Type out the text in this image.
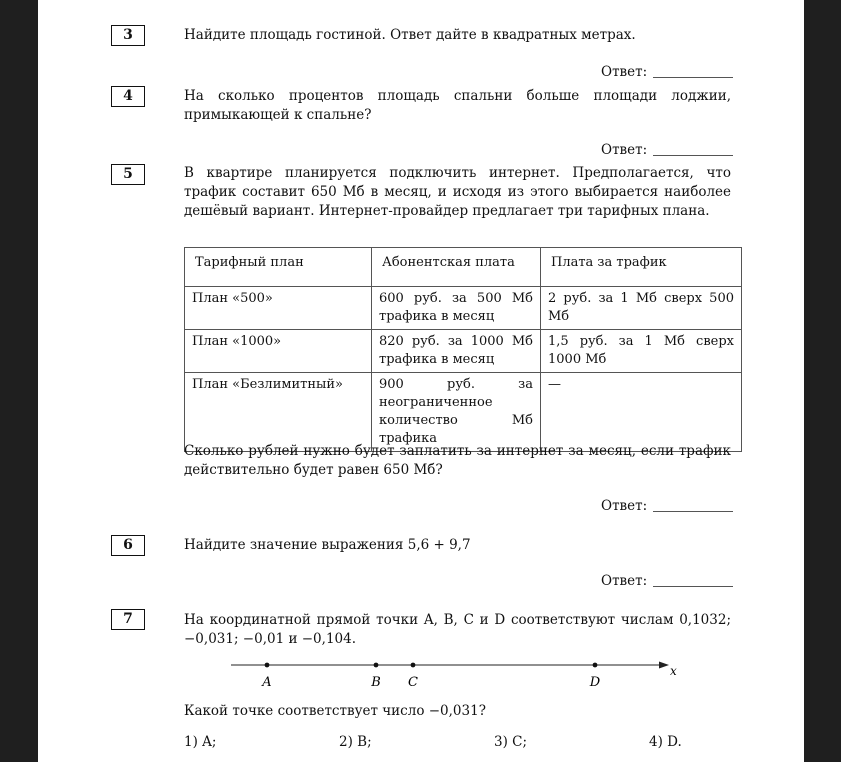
3	Найдите площадь гостиной. Ответ дайте в квадратных метрах.
Ответ:
4	На сколько процентов площадь спальни больше площади лоджии, примыкающей к спальне?
Ответ:
5	В квартире планируется подключить интернет. Предполагается, что трафик составит 650 Мб в месяц, и исходя из этого выбирается наиболее дешёвый вариант. Интернет-провайдер предлагает три тарифных плана.
Тарифный план	Абонентская плата	Плата за трафик
План «500»	600 руб. за 500 Мб трафика в месяц	2 руб. за 1 Мб сверх 500 Мб
План «1000»	820 руб. за 1000 Мб трафика в месяц	1,5 руб. за 1 Мб сверх 1000 Мб
План «Безлимитный»	900 руб. за неограниченное количество Мб трафика	—
Сколько рублей нужно будет заплатить за интернет за месяц, если трафик действительно будет равен 650 Мб?
Ответ:
6	Найдите значение выражения 5,6 + 9,7
Ответ:
7	На координатной прямой точки A, B, C и D соответствуют числам 0,1032; −0,031; −0,01 и −0,104.
x
A	B C	D
Какой точке соответствует число −0,031?
1) A;	2) B;	3) C;	4) D.
